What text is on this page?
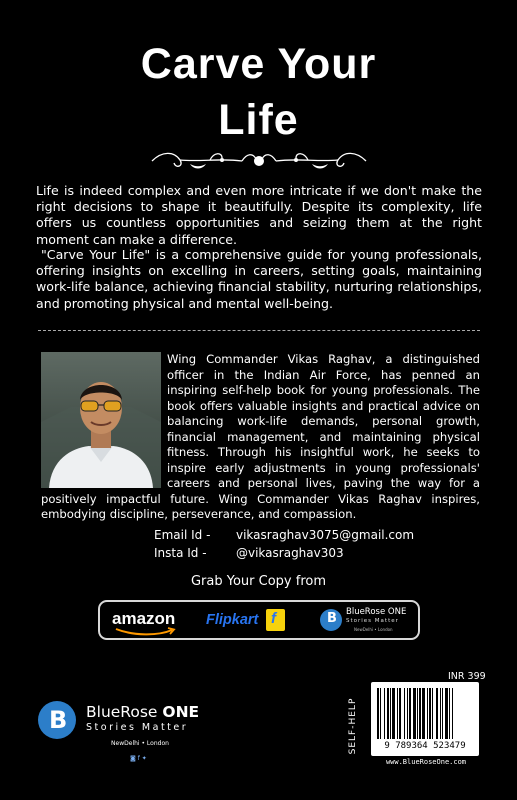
Carve Your
Life

Life is indeed complex and even more intricate if we don't make the right decisions to shape it beautifully. Despite its complexity, life offers us countless opportunities and seizing them at the right moment can make a difference.

"Carve Your Life" is a comprehensive guide for young professionals, offering insights on excelling in careers, setting goals, maintaining work-life balance, achieving financial stability, nurturing relationships, and promoting physical and mental well-being.

Wing Commander Vikas Raghav, a distinguished officer in the Indian Air Force, has penned an inspiring self-help book for young professionals. The book offers valuable insights and practical advice on balancing work-life demands, personal growth, financial management, and maintaining physical fitness. Through his insightful work, he seeks to inspire early adjustments in young professionals' careers and personal lives, paving the way for a positively impactful future. Wing Commander Vikas Raghav inspires, embodying discipline, perseverance, and compassion.

Email Id - vikasraghav3075@gmail.com
Insta Id - @vikasraghav303
Grab Your Copy from
amazon Flipkart f	B BlueRose ONE
Stories Matter
NewDelhi • London
B BlueRose ONE
Stories Matter
NewDelhi • London
◙ f ✦
INR 399
SELF-HELP	9 789364 523479
www.BlueRoseOne.com
